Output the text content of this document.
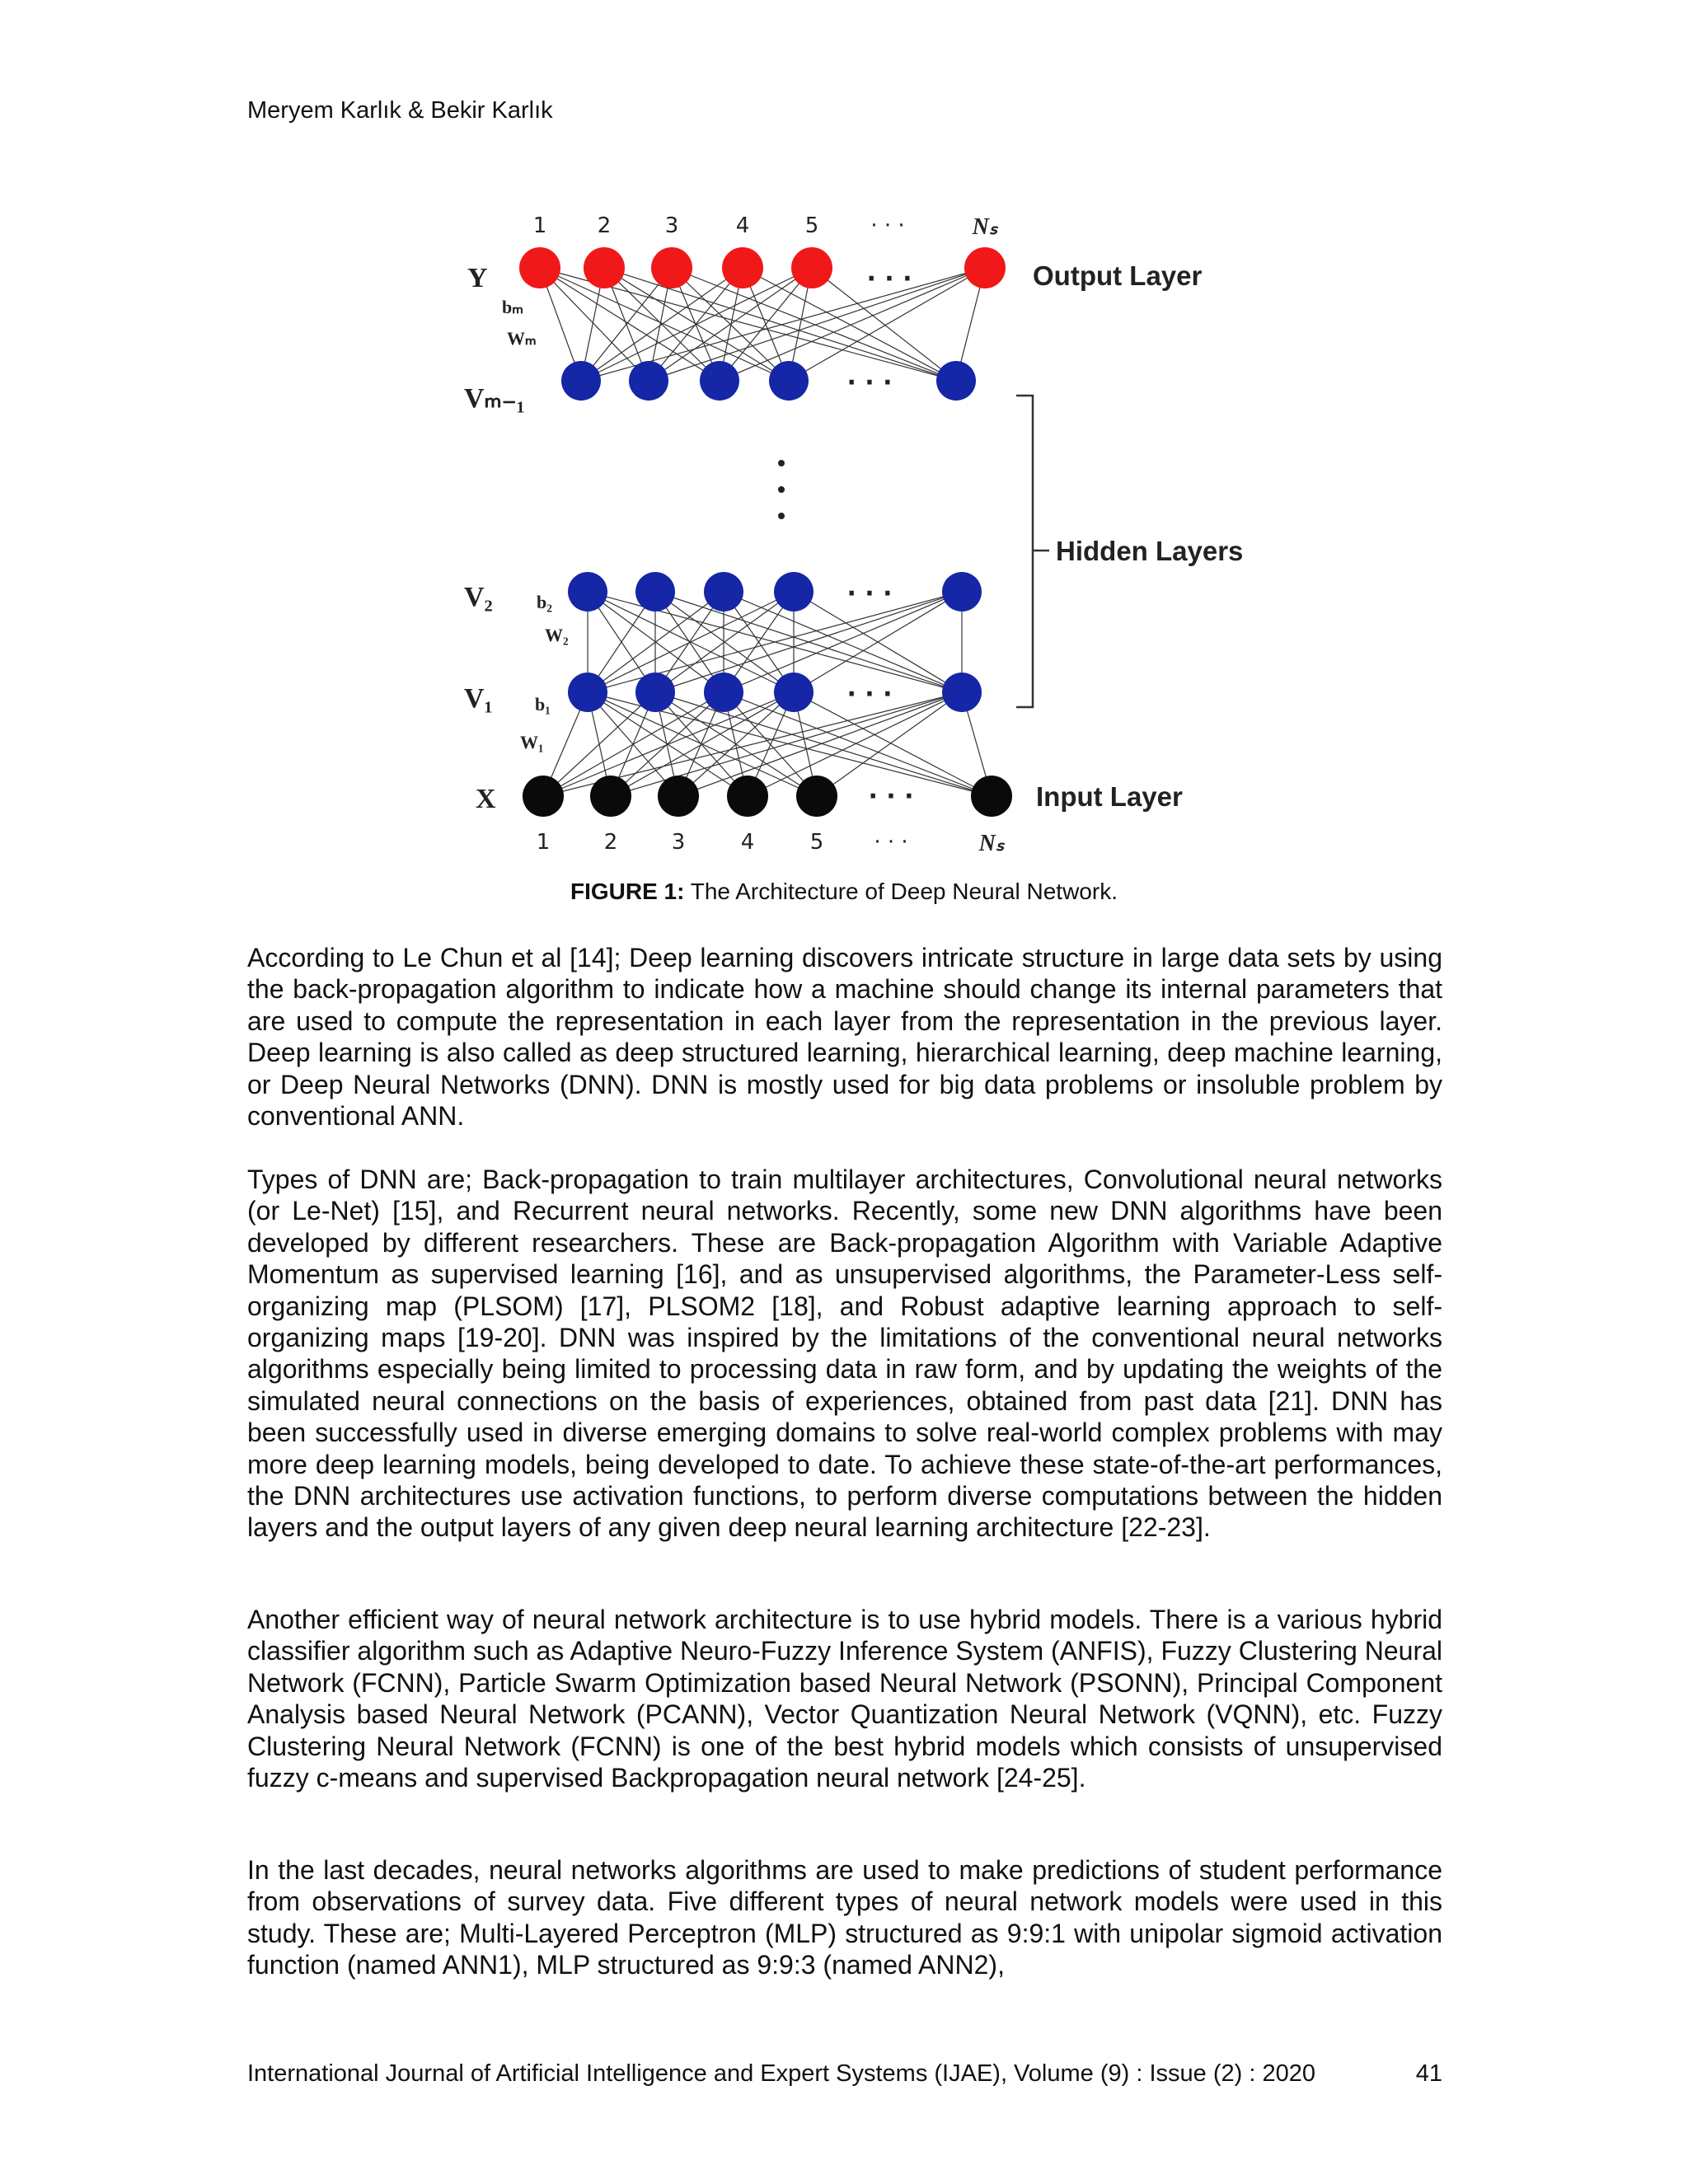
Meryem Karlık & Bekir Karlık
1 2	3	4	5 · · ·	Nₛ
1	2	3	4	5 · · ·	Nₛ
· · ·
· · ·
· · ·
· · ·
· · ·
Output Layer
Hidden Layers
Input Layer
Y
bₘ
Wₘ
Vₘ₋₁
V₂ b₂
W₂
V₁ b₁
W₁
X
FIGURE 1: The Architecture of Deep Neural Network.

According to Le Chun et al [14]; Deep learning discovers intricate structure in large data sets by using the back-propagation algorithm to indicate how a machine should change its internal parameters that are used to compute the representation in each layer from the representation in the previous layer. Deep learning is also called as deep structured learning, hierarchical learning, deep machine learning, or Deep Neural Networks (DNN). DNN is mostly used for big data problems or insoluble problem by conventional ANN.

Types of DNN are; Back-propagation to train multilayer architectures, Convolutional neural networks (or Le-Net) [15], and Recurrent neural networks. Recently, some new DNN algorithms have been developed by different researchers. These are Back-propagation Algorithm with Variable Adaptive Momentum as supervised learning [16], and as unsupervised algorithms, the Parameter-Less self-organizing map (PLSOM) [17], PLSOM2 [18], and Robust adaptive learning approach to self-organizing maps [19-20]. DNN was inspired by the limitations of the conventional neural networks algorithms especially being limited to processing data in raw form, and by updating the weights of the simulated neural connections on the basis of experiences, obtained from past data [21]. DNN has been successfully used in diverse emerging domains to solve real-world complex problems with may more deep learning models, being developed to date. To achieve these state-of-the-art performances, the DNN architectures use activation functions, to perform diverse computations between the hidden layers and the output layers of any given deep neural learning architecture [22-23].

Another efficient way of neural network architecture is to use hybrid models. There is a various hybrid classifier algorithm such as Adaptive Neuro-Fuzzy Inference System (ANFIS), Fuzzy Clustering Neural Network (FCNN), Particle Swarm Optimization based Neural Network (PSONN), Principal Component Analysis based Neural Network (PCANN), Vector Quantization Neural Network (VQNN), etc. Fuzzy Clustering Neural Network (FCNN) is one of the best hybrid models which consists of unsupervised fuzzy c-means and supervised Backpropagation neural network [24-25].

In the last decades, neural networks algorithms are used to make predictions of student performance from observations of survey data. Five different types of neural network models were used in this study. These are; Multi-Layered Perceptron (MLP) structured as 9:9:1 with unipolar sigmoid activation function (named ANN1), MLP structured as 9:9:3 (named ANN2),

International Journal of Artificial Intelligence and Expert Systems (IJAE), Volume (9) : Issue (2) : 2020	41
